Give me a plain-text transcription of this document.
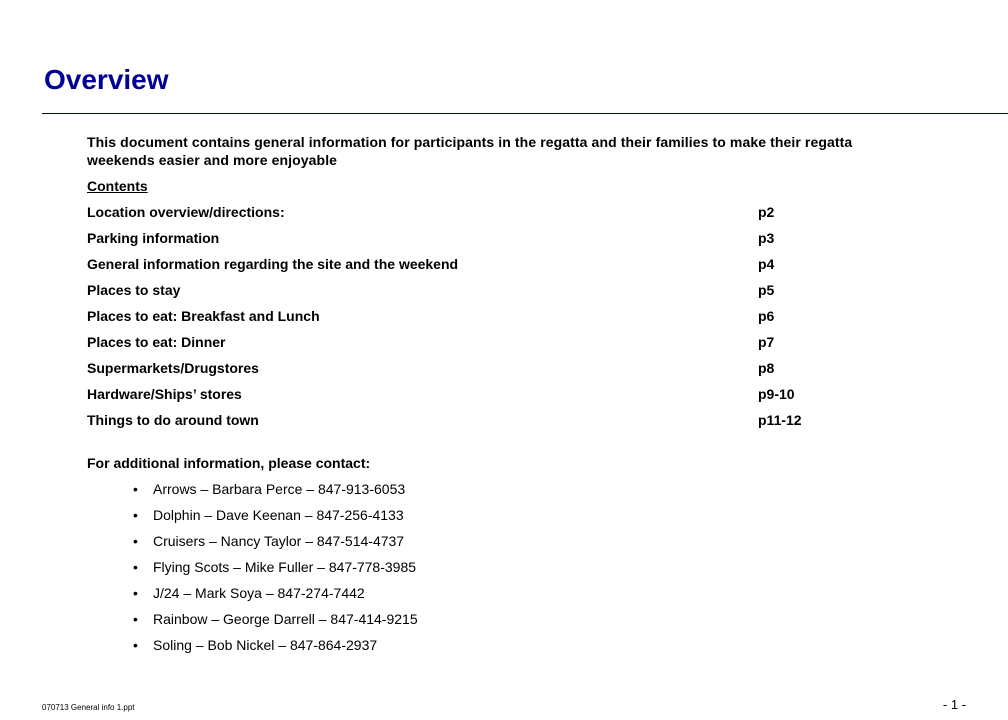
Overview

This document contains general information for participants in the regatta and their families to make their regatta weekends easier and more enjoyable

Contents
Location overview/directions:	p2
Parking information	p3
General information regarding the site and the weekend	p4
Places to stay	p5
Places to eat: Breakfast and Lunch	p6
Places to eat: Dinner	p7
Supermarkets/Drugstores	p8
Hardware/Ships’ stores	p9-10
Things to do around town	p11-12
For additional information, please contact:
•	Arrows – Barbara Perce – 847-913-6053
•	Dolphin – Dave Keenan – 847-256-4133
•	Cruisers – Nancy Taylor – 847-514-4737
•	Flying Scots – Mike Fuller – 847-778-3985
•	J/24 – Mark Soya – 847-274-7442
•	Rainbow – George Darrell – 847-414-9215
•	Soling – Bob Nickel – 847-864-2937
070713 General info 1.ppt	- 1 -
